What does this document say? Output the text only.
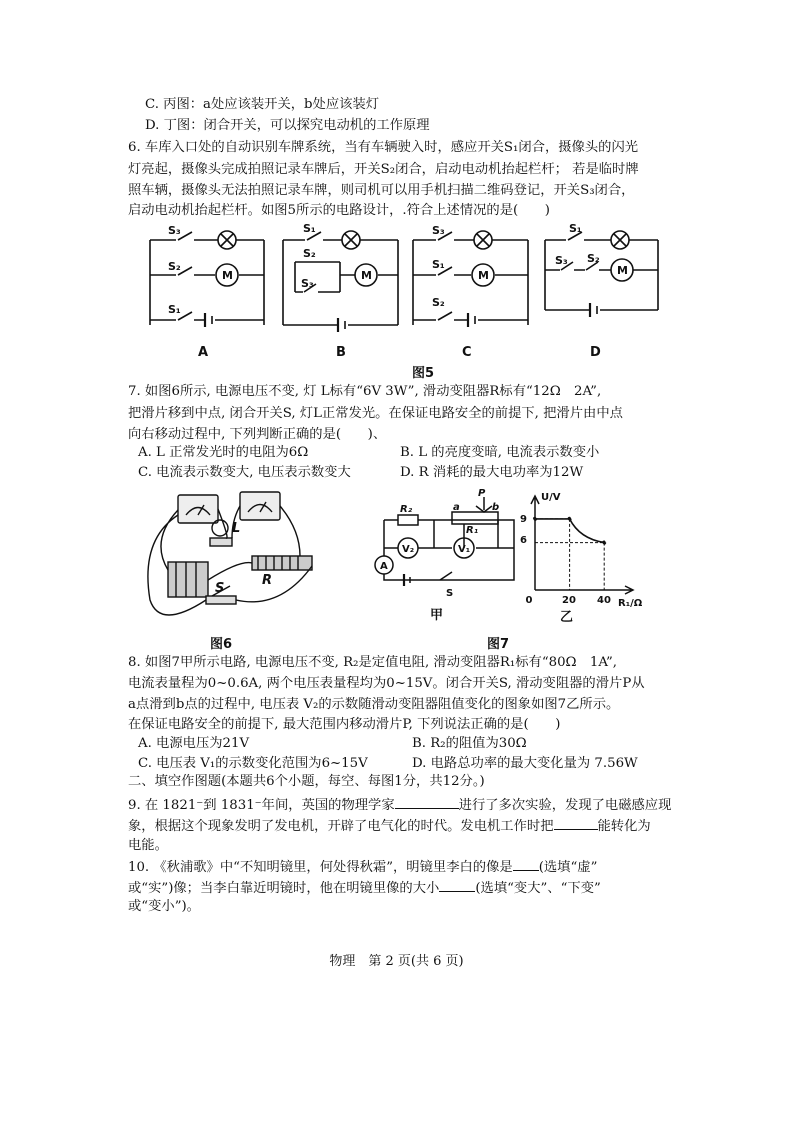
C. 丙图：a处应该装开关，b处应该装灯
D. 丁图：闭合开关，可以探究电动机的工作原理
6. 车库入口处的自动识别车牌系统，当有车辆驶入时，感应开关S₁闭合，摄像头的闪光
灯亮起，摄像头完成拍照记录车牌后，开关S₂闭合，启动电动机抬起栏杆； 若是临时牌
照车辆，摄像头无法拍照记录车牌，则司机可以用手机扫描二维码登记，开关S₃闭合，
启动电动机抬起栏杆。如图5所示的电路设计，.符合上述情况的是(　　)
S₃
S₂
S₁
M
S₁
S₂
S₃
M
S₃
S₁
S₂
M
S₁
S₃ S₂
M
A	B	C	D
图5
7. 如图6所示, 电源电压不变, 灯 L标有“6V 3W”, 滑动变阻器R标有“12Ω　2A”,
把滑片移到中点, 闭合开关S, 灯L正常发光。在保证电路安全的前提下, 把滑片由中点
向右移动过程中, 下列判断正确的是(　　)、
A. L 正常发光时的电阻为6Ω	B. L 的亮度变暗, 电流表示数变小
C. 电流表示数变大, 电压表示数变大	D. R 消耗的最大电功率为12W
L
R
S
图6
R₂
R₁
a	b
P
V₂	V₁
A
S
甲
U/V
R₁/Ω
0	20 40
6
9
乙
图7
8. 如图7甲所示电路, 电源电压不变, R₂是定值电阻, 滑动变阻器R₁标有“80Ω　1A”,
电流表量程为0~0.6A, 两个电压表量程均为0~15V。闭合开关S, 滑动变阻器的滑片P从
a点滑到b点的过程中, 电压表 V₂的示数随滑动变阻器阻值变化的图象如图7乙所示。
在保证电路安全的前提下, 最大范围内移动滑片P, 下列说法正确的是(　　)
A. 电源电压为21V	B. R₂的阻值为30Ω
C. 电压表 V₁的示数变化范围为6~15V	D. 电路总功率的最大变化量为 7.56W
二、填空作图题(本题共6个小题，每空、每图1分，共12分。)
9. 在 1821⁻到 1831⁻年间，英国的物理学家	进行了多次实验，发现了电磁感应现
象，根据这个现象发明了发电机，开辟了电气化的时代。发电机工作时把	能转化为
电能。
10. 《秋浦歌》中“不知明镜里，何处得秋霜”，明镜里李白的像是 (选填“虚”
或“实”)像；当李白靠近明镜时，他在明镜里像的大小	(选填“变大”、“下变”
或“变小”)。
物理　第 2 页(共 6 页)
